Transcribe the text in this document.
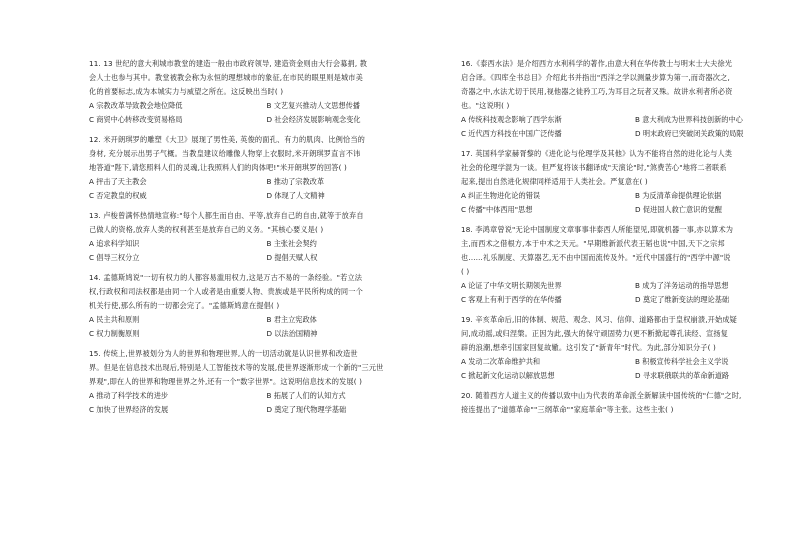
11. 13 世纪的意大利城市教堂的建造一般由市政府领导, 建造资金则由大行会募捐, 教
会人士也参与其中。教堂被教会称为永恒的理想城市的象征,在市民的眼里则是城市美
化的首要标志,成为本城实力与威望之所在。这反映出当时( )
A 宗教改革导致教会地位降低	B 文艺复兴推动人文思想传播
C 商贸中心转移改变贸易格局	D 社会经济发展影响观念变化
12. 米开朗琪罗的雕塑《大卫》展现了男性美, 英俊的面孔、有力的肌肉、比例恰当的
身材, 充分展示出男子气概。当教皇建议给雕像人物穿上衣服时,米开朗琪罗直言不讳
地答道"陛下,请您照料人们的灵魂,让我照料人们的肉体吧!"米开朗琪罗的回答( )
A 抨击了天主教会	B 推动了宗教改革
C 否定教皇的权威	D 体现了人文精神
13. 卢梭曾满怀热情地宣称:"每个人都生而自由、平等,放弃自己的自由,就等于放弃自
己做人的资格,放弃人类的权利甚至是放弃自己的义务。"其核心要义是( )
A 追求科学知识	B 主张社会契约
C 倡导三权分立	D 提倡天赋人权
14. 孟德斯鸠说"一切有权力的人都容易滥用权力,这是万古不易的一条经验。"若立法
权,行政权和司法权都是由同一个人或者是由重要人物、贵族或是平民所构成的同一个
机关行使,那么所有的一切都会完了。"孟德斯鸠意在提倡( )
A 民主共和原则	B 君主立宪政体
C 权力制衡原则	D 以法治国精神
15. 传统上,世界被划分为人的世界和物理世界,人的一切活动就是认识世界和改造世
界。但是在信息技术出现后,特别是人工智能技术等的发展,使世界逐渐形成一个新的"三元世
界观",即在人的世界和物理世界之外,还有一个"数字世界"。这说明信息技术的发展( )
A 推动了科学技术的进步	B 拓展了人们的认知方式
C 加快了世界经济的发展	D 奠定了现代物理学基础
16.《泰西水法》是介绍西方水利科学的著作,由意大利在华传教士与明末士大夫徐光
启合译。《四库全书总目》介绍此书并指出"西洋之学以测量步算为第一,而奇器次之,
奇器之中,水法尤切于民用,视他器之徒矜工巧,为耳目之玩者又殊。故讲水利者所必资
也。"这说明( )
A 传统科技观念影响了西学东渐	B 意大利成为世界科技创新的中心
C 近代西方科技在中国广泛传播	D 明末政府已突破闭关政策的局限
17. 英国科学家赫胥黎的《进化论与伦理学及其他》认为不能将自然的进化论与人类
社会的伦理学混为一谈。但严复将该书翻译成"天演论"时,"煞费苦心"地将二者联系
起来,提出自然进化规律同样适用于人类社会。严复意在( )
A 纠正生物进化论的错误	B 为反清革命提供理论依据
C 传播"中体西用"思想	D 促进国人救亡意识的觉醒
18. 李鸿章曾说"无论中国制度文章事事非泰西人所能望见,即就机器一事,亦以算术为
主,而西术之借根方,本于中术之天元。"早期维新派代表王韬也说"中国,天下之宗邦
也……礼乐制度、天算器艺,无不由中国而流传及外。"近代中国盛行的"西学中源"说
( )
A 论证了中华文明长期领先世界	B 成为了洋务运动的指导思想
C 客观上有利于西学的在华传播	D 奠定了维新变法的理论基础
19. 辛亥革命后,旧的体制、规范、观念、风习、信仰、道路都由于皇权崩溃,开始成疑
问,成动摇,或归涅槃。正因为此,强大的保守顽固势力(更不断掀起尊孔读经、宣扬复
辟的浪潮,想牵引国家回复故辙。这引发了"新青年"时代。为此,部分知识分子( )
A 发动二次革命维护共和	B 积极宣传科学社会主义学说
C 掀起新文化运动以解放思想	D 寻求联俄联共的革命新道路
20. 随着西方人道主义的传播以致中山为代表的革命派全新解读中国传统的"仁德"之时,
接连提出了"道德革命""三纲革命""家庭革命"等主张。这些主张( )
